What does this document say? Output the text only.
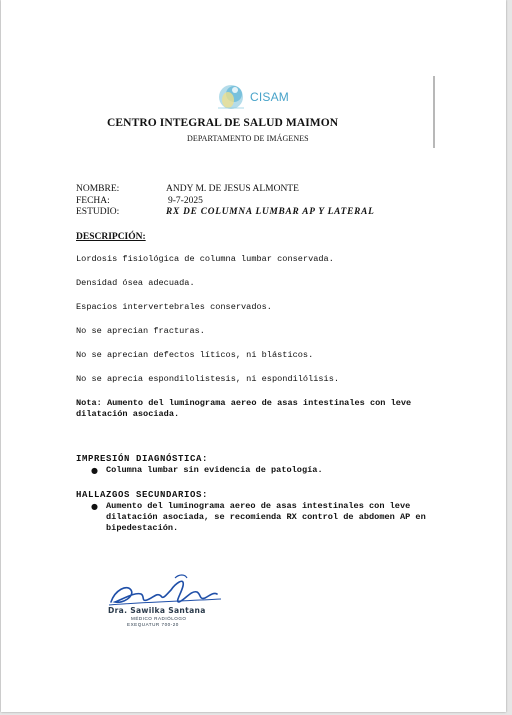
CISAM
CENTRO INTEGRAL DE SALUD MAIMON
DEPARTAMENTO DE IMÁGENES
NOMBRE:	ANDY M. DE JESUS ALMONTE
FECHA:	9-7-2025
ESTUDIO:	RX DE COLUMNA LUMBAR AP Y LATERAL

DESCRIPCIÓN:

Lordosis fisiológica de columna lumbar conservada.

Densidad ósea adecuada.

Espacios intervertebrales conservados.

No se aprecian fracturas.

No se aprecian defectos líticos, ni blásticos.

No se aprecia espondilolistesis, ni espondilólisis.

Nota: Aumento del luminograma aereo de asas intestinales con leve dilatación asociada.

IMPRESIÓN DIAGNÓSTICA:

● Columna lumbar sin evidencia de patología.

HALLAZGOS SECUNDARIOS:

● Aumento del luminograma aereo de asas intestinales con leve dilatación asociada, se recomienda RX control de abdomen AP en bipedestación.
Dra. Sawilka Santana
MÉDICO RADIÓLOGO
EXEQUATUR 700-20
